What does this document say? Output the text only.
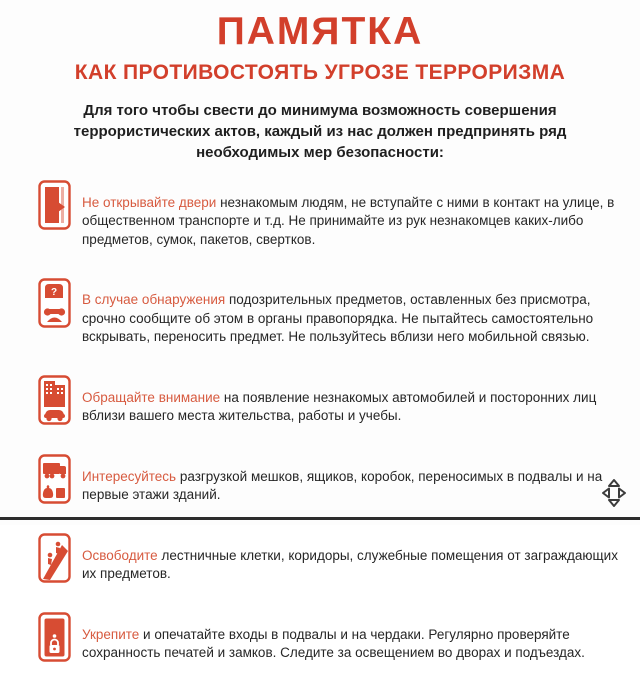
ПАМЯТКА
КАК ПРОТИВОСТОЯТЬ УГРОЗЕ ТЕРРОРИЗМА

Для того чтобы свести до минимума возможность совершения террористических актов, каждый из нас должен предпринять ряд необходимых мер безопасности:

Не открывайте двери незнакомым людям, не вступайте с ними в контакт на улице, в общественном транспорте и т.д. Не принимайте из рук незнакомцев каких-либо предметов, сумок, пакетов, свертков.

? В случае обнаружения подозрительных предметов, оставленных без присмотра, срочно сообщите об этом в органы правопорядка. Не пытайтесь самостоятельно вскрывать, переносить предмет. Не пользуйтесь вблизи него мобильной связью.

Обращайте внимание на появление незнакомых автомобилей и посторонних лиц вблизи вашего места жительства, работы и учебы.

Интересуйтесь разгрузкой мешков, ящиков, коробок, переносимых в подвалы и на первые этажи зданий.

Освободите лестничные клетки, коридоры, служебные помещения от заграждающих их предметов.

Укрепите и опечатайте входы в подвалы и на чердаки. Регулярно проверяйте сохранность печатей и замков. Следите за освещением во дворах и подъездах.
